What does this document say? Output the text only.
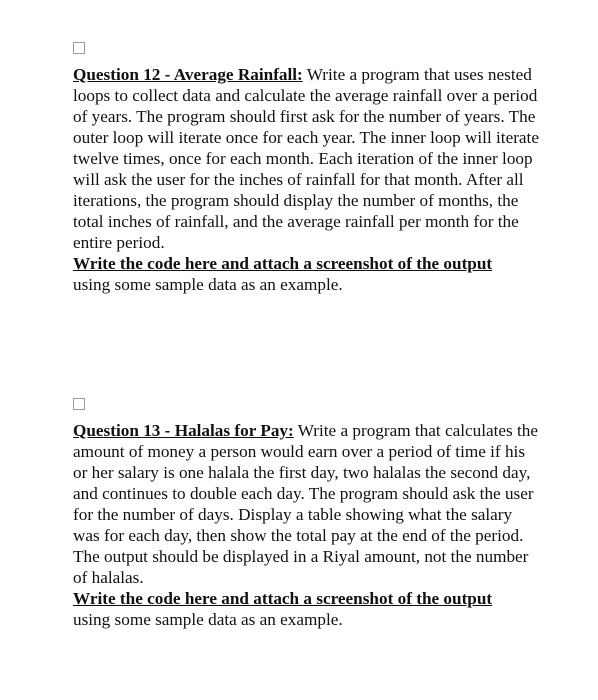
Question 12 - Average Rainfall: Write a program that uses nested loops to collect data and calculate the average rainfall over a period of years. The program should first ask for the number of years. The outer loop will iterate once for each year. The inner loop will iterate twelve times, once for each month. Each iteration of the inner loop will ask the user for the inches of rainfall for that month. After all iterations, the program should display the number of months, the total inches of rainfall, and the average rainfall per month for the entire period.

Write the code here and attach a screenshot of the output
using some sample data as an example.

Question 13 - Halalas for Pay: Write a program that calculates the amount of money a person would earn over a period of time if his or her salary is one halala the first day, two halalas the second day, and continues to double each day. The program should ask the user for the number of days. Display a table showing what the salary was for each day, then show the total pay at the end of the period. The output should be displayed in a Riyal amount, not the number of halalas.

Write the code here and attach a screenshot of the output
using some sample data as an example.
